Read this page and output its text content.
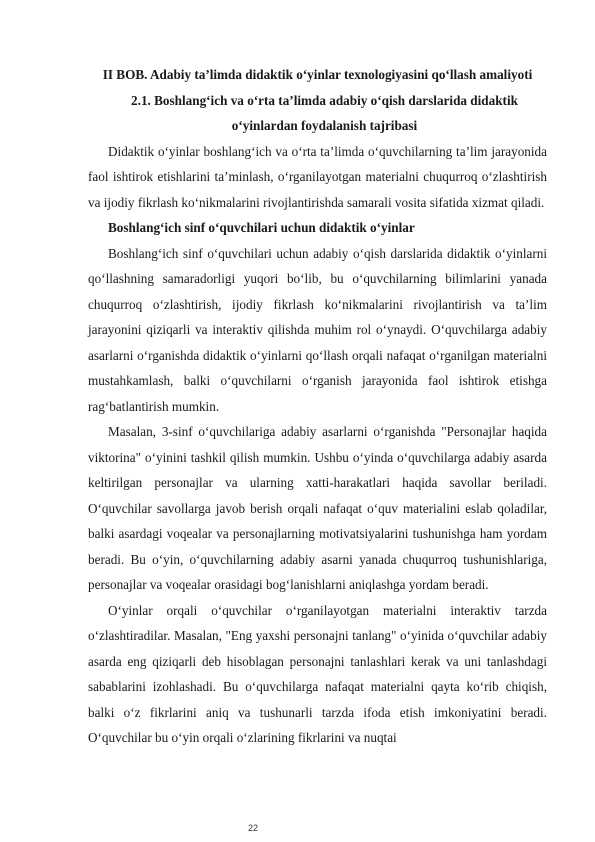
II BOB. Adabiy ta’limda didaktik o‘yinlar texnologiyasini qo‘llash amaliyoti
2.1. Boshlang‘ich va o‘rta ta’limda adabiy o‘qish darslarida didaktik o‘yinlardan foydalanish tajribasi

Didaktik o‘yinlar boshlang‘ich va o‘rta ta’limda o‘quvchilarning ta’lim jarayonida faol ishtirok etishlarini ta’minlash, o‘rganilayotgan materialni chuqurroq o‘zlashtirish va ijodiy fikrlash ko‘nikmalarini rivojlantirishda samarali vosita sifatida xizmat qiladi.

Boshlang‘ich sinf o‘quvchilari uchun didaktik o‘yinlar

Boshlang‘ich sinf o‘quvchilari uchun adabiy o‘qish darslarida didaktik o‘yinlarni qo‘llashning samaradorligi yuqori bo‘lib, bu o‘quvchilarning bilimlarini yanada chuqurroq o‘zlashtirish, ijodiy fikrlash ko‘nikmalarini rivojlantirish va ta’lim jarayonini qiziqarli va interaktiv qilishda muhim rol o‘ynaydi. O‘quvchilarga adabiy asarlarni o‘rganishda didaktik o‘yinlarni qo‘llash orqali nafaqat o‘rganilgan materialni mustahkamlash, balki o‘quvchilarni o‘rganish jarayonida faol ishtirok etishga rag‘batlantirish mumkin.

Masalan, 3-sinf o‘quvchilariga adabiy asarlarni o‘rganishda "Personajlar haqida viktorina" o‘yinini tashkil qilish mumkin. Ushbu o‘yinda o‘quvchilarga adabiy asarda keltirilgan personajlar va ularning xatti-harakatlari haqida savollar beriladi. O‘quvchilar savollarga javob berish orqali nafaqat o‘quv materialini eslab qoladilar, balki asardagi voqealar va personajlarning motivatsiyalarini tushunishga ham yordam beradi. Bu o‘yin, o‘quvchilarning adabiy asarni yanada chuqurroq tushunishlariga, personajlar va voqealar orasidagi bog‘lanishlarni aniqlashga yordam beradi.

O‘yinlar orqali o‘quvchilar o‘rganilayotgan materialni interaktiv tarzda o‘zlashtiradilar. Masalan, "Eng yaxshi personajni tanlang" o‘yinida o‘quvchilar adabiy asarda eng qiziqarli deb hisoblagan personajni tanlashlari kerak va uni tanlashdagi sabablarini izohlashadi. Bu o‘quvchilarga nafaqat materialni qayta ko‘rib chiqish, balki o‘z fikrlarini aniq va tushunarli tarzda ifoda etish imkoniyatini beradi. O‘quvchilar bu o‘yin orqali o‘zlarining fikrlarini va nuqtai

22
